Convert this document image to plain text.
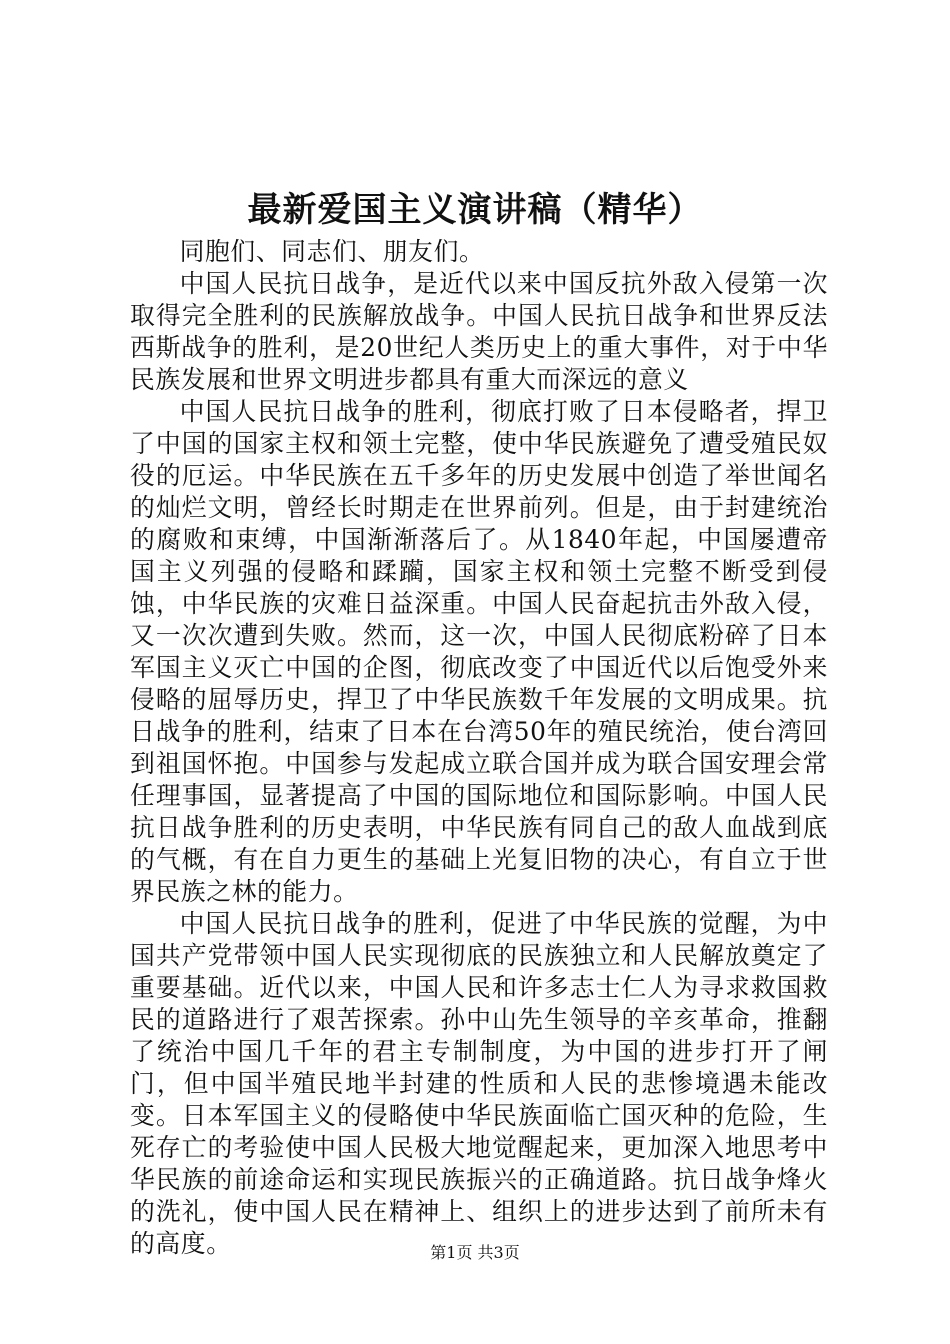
最新爱国主义演讲稿（精华）

同胞们、同志们、朋友们。

中国人民抗日战争，是近代以来中国反抗外敌入侵第一次取得完全胜利的民族解放战争。中国人民抗日战争和世界反法西斯战争的胜利，是20世纪人类历史上的重大事件，对于中华民族发展和世界文明进步都具有重大而深远的意义

中国人民抗日战争的胜利，彻底打败了日本侵略者，捍卫了中国的国家主权和领土完整，使中华民族避免了遭受殖民奴役的厄运。中华民族在五千多年的历史发展中创造了举世闻名的灿烂文明，曾经长时期走在世界前列。但是，由于封建统治的腐败和束缚，中国渐渐落后了。从1840年起，中国屡遭帝国主义列强的侵略和蹂躏，国家主权和领土完整不断受到侵蚀，中华民族的灾难日益深重。中国人民奋起抗击外敌入侵，又一次次遭到失败。然而，这一次，中国人民彻底粉碎了日本军国主义灭亡中国的企图，彻底改变了中国近代以后饱受外来侵略的屈辱历史，捍卫了中华民族数千年发展的文明成果。抗日战争的胜利，结束了日本在台湾50年的殖民统治，使台湾回到祖国怀抱。中国参与发起成立联合国并成为联合国安理会常任理事国，显著提高了中国的国际地位和国际影响。中国人民抗日战争胜利的历史表明，中华民族有同自己的敌人血战到底的气概，有在自力更生的基础上光复旧物的决心，有自立于世界民族之林的能力。

中国人民抗日战争的胜利，促进了中华民族的觉醒，为中国共产党带领中国人民实现彻底的民族独立和人民解放奠定了重要基础。近代以来，中国人民和许多志士仁人为寻求救国救民的道路进行了艰苦探索。孙中山先生领导的辛亥革命，推翻了统治中国几千年的君主专制制度，为中国的进步打开了闸门，但中国半殖民地半封建的性质和人民的悲惨境遇未能改变。日本军国主义的侵略使中华民族面临亡国灭种的危险，生死存亡的考验使中国人民极大地觉醒起来，更加深入地思考中华民族的前途命运和实现民族振兴的正确道路。抗日战争烽火的洗礼，使中国人民在精神上、组织上的进步达到了前所未有的高度。	第1页 共3页
